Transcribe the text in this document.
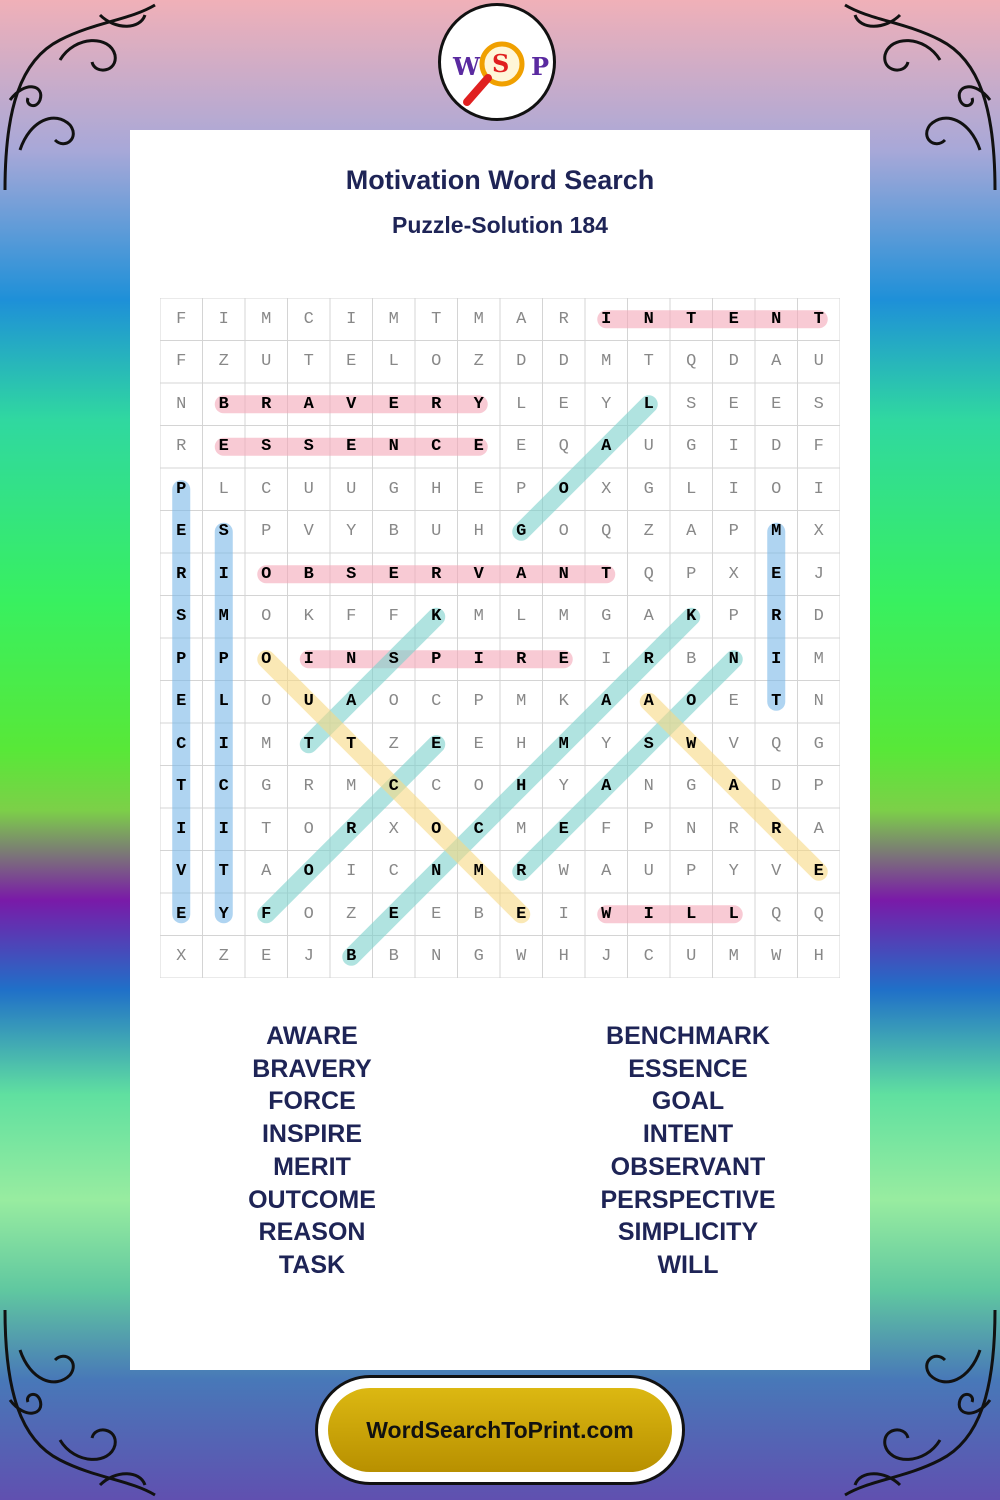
W S P
Motivation Word Search
Puzzle-Solution 184
F	I	M	C	I	M	T	M	A	R	I	N	T	E	N	T
F	Z	U	T	E	L	O	Z	D	D	M	T	Q	D	A	U
N	B	R	A	V	E	R	Y	L	E	Y	L	S	E	E	S
R	E	S	S	E	N	C	E	E	Q	A	U	G	I	D	F
P	L	C	U	U	G	H	E	P	O	X	G	L	I	O	I
E	S	P	V	Y	B	U	H	G	O	Q	Z	A	P	M	X
R	I	O	B	S	E	R	V	A	N	T	Q	P	X	E	J
S	M	O	K	F	F	K	M	L	M	G	A	K	P	R	D
P	P	O	I	N	S	P	I	R	E	I	R	B	N	I	M
E	L	O	U	A	O	C	P	M	K	A	A	O	E	T	N
C	I	M	T	T	Z	E	E	H	M	Y	S	W	V	Q	G
T	C	G	R	M	C	C	O	H	Y	A	N	G	A	D	P
I	I	T	O	R	X	O	C	M	E	F	P	N	R	R	A
V	T	A	O	I	C	N	M	R	W	A	U	P	Y	V	E
E	Y	F	O	Z	E	E	B	E	I	W	I	L	L	Q	Q
X	Z	E	J	B	B	N	G	W	H	J	C	U	M	W	H
AWARE
BRAVERY
FORCE
INSPIRE
MERIT
OUTCOME
REASON
TASK
BENCHMARK
ESSENCE
GOAL
INTENT
OBSERVANT
PERSPECTIVE
SIMPLICITY
WILL
WordSearchToPrint.com
